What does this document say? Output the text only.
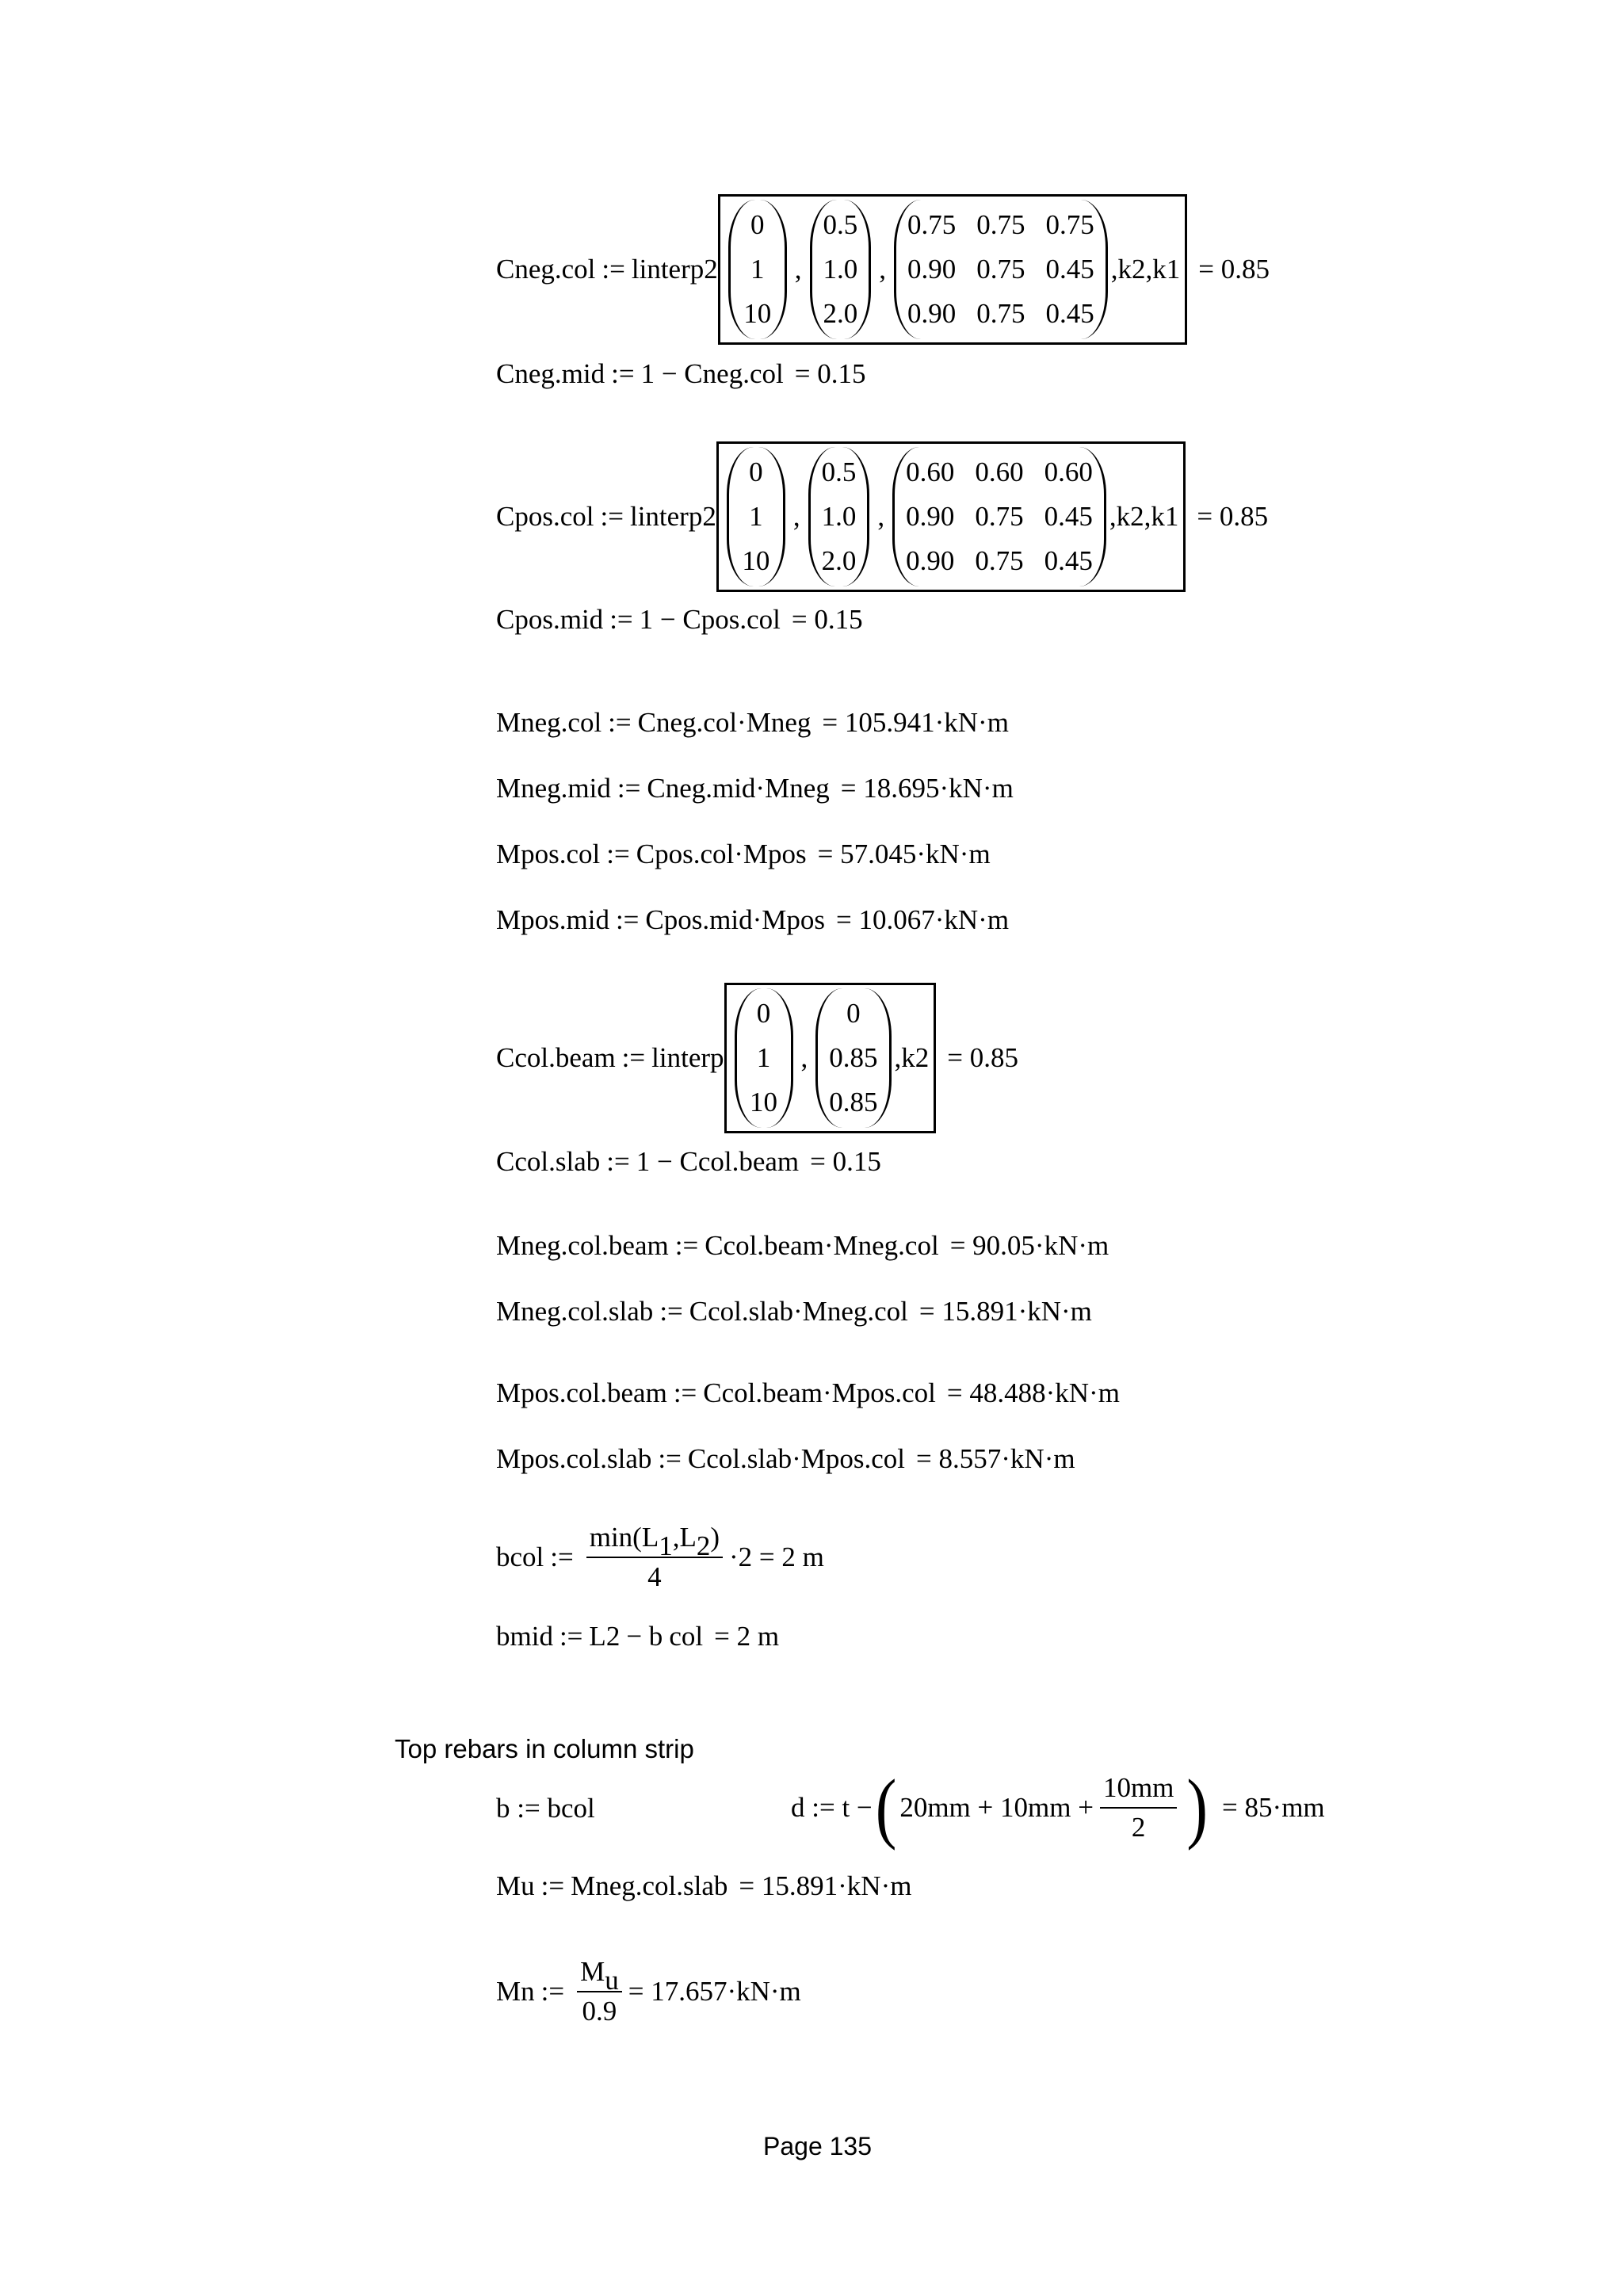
C neg.col := linterp2
0
1
10
,
0.5
1.0
2.0
,
0.75 0.75 0.75
0.90 0.75 0.45
0.90 0.75 0.45
,k 2 ,k 1 = 0.85
C neg.mid := 1 − C neg.col = 0.15
C pos.col := linterp2
0
1
10
,
0.5
1.0
2.0
,
0.60 0.60 0.60
0.90 0.75 0.45
0.90 0.75 0.45
,k 2 ,k 1 = 0.85
C pos.mid := 1 − C pos.col = 0.15
M neg.col := C neg.col ·M neg = 105.941·kN·m
M neg.mid := C neg.mid ·M neg = 18.695·kN·m
M pos.col := C pos.col ·M pos = 57.045·kN·m
M pos.mid := C pos.mid ·M pos = 10.067·kN·m
C col.beam := linterp
0
1
10
,
0
0.85
0.85
,k 2 = 0.85
C col.slab := 1 − C col.beam = 0.15
M neg.col.beam := C col.beam ·M neg.col = 90.05·kN·m
M neg.col.slab := C col.slab ·M neg.col = 15.891·kN·m
M pos.col.beam := C col.beam ·M pos.col = 48.488·kN·m
M pos.col.slab := C col.slab ·M pos.col = 8.557·kN·m
b col := $\frac{\min(L_1,L_2)}{4} \cdot 2 = 2$ m
b mid := L 2 − b col = 2 m
Top rebars in column strip
b := b col	d := t − ( $20mm + 10mm + \frac{10mm}{2}$ ) = 85·mm
M u := M neg.col.slab = 15.891·kN·m
M n := $\frac{M_u}{0.9} = 17.657\cdot kN\cdot m$
Page 135
